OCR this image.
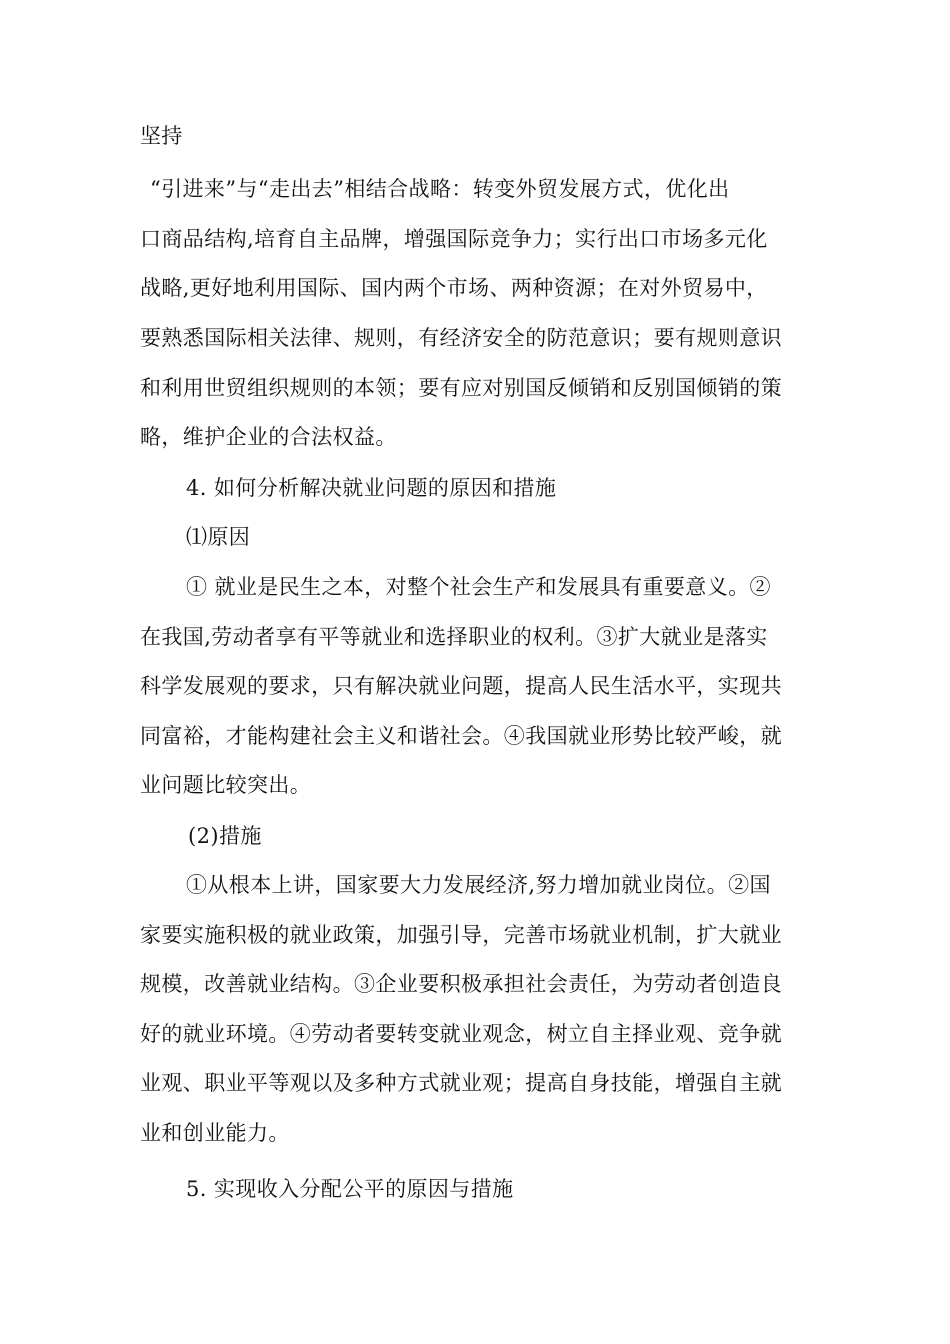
坚持
“引进来”与“走出去”相结合战略：转变外贸发展方式，优化出
口商品结构,培育自主品牌，增强国际竞争力；实行出口市场多元化
战略,更好地利用国际、国内两个市场、两种资源；在对外贸易中，
要熟悉国际相关法律、规则，有经济安全的防范意识；要有规则意识
和利用世贸组织规则的本领；要有应对别国反倾销和反别国倾销的策
略，维护企业的合法权益。
4. 如何分析解决就业问题的原因和措施
⑴原因
① 就业是民生之本，对整个社会生产和发展具有重要意义。②
在我国,劳动者享有平等就业和选择职业的权利。③扩大就业是落实
科学发展观的要求，只有解决就业问题，提高人民生活水平，实现共
同富裕，才能构建社会主义和谐社会。④我国就业形势比较严峻，就
业问题比较突出。
(2)措施
①从根本上讲，国家要大力发展经济,努力增加就业岗位。②国
家要实施积极的就业政策，加强引导，完善市场就业机制，扩大就业
规模，改善就业结构。③企业要积极承担社会责任，为劳动者创造良
好的就业环境。④劳动者要转变就业观念，树立自主择业观、竞争就
业观、职业平等观以及多种方式就业观；提高自身技能，增强自主就
业和创业能力。
5. 实现收入分配公平的原因与措施
